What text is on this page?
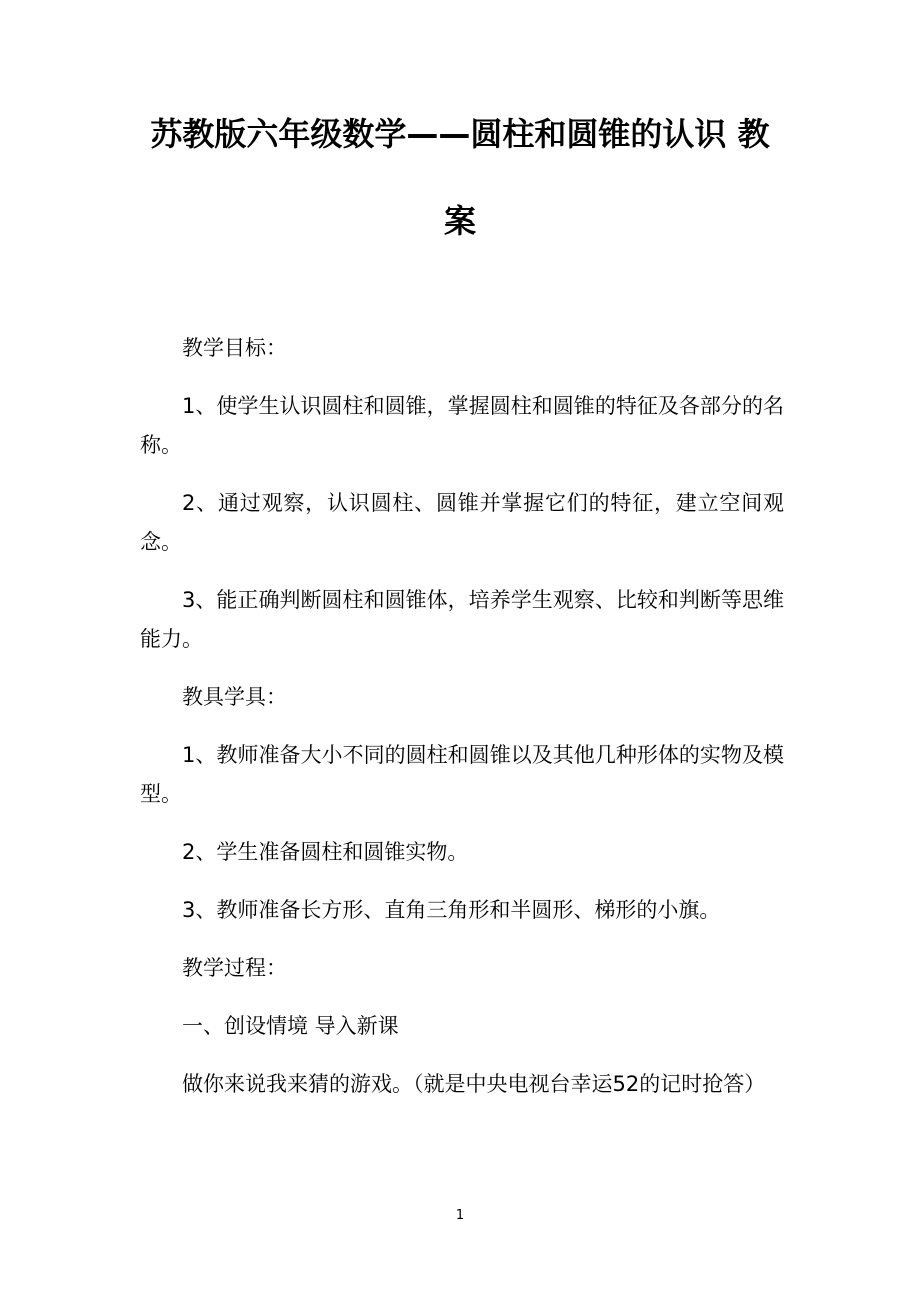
苏教版六年级数学——圆柱和圆锥的认识 教
案

教学目标：

1、使学生认识圆柱和圆锥，掌握圆柱和圆锥的特征及各部分的名称。

2、通过观察，认识圆柱、圆锥并掌握它们的特征，建立空间观念。

3、能正确判断圆柱和圆锥体，培养学生观察、比较和判断等思维能力。

教具学具：

1、教师准备大小不同的圆柱和圆锥以及其他几种形体的实物及模型。

2、学生准备圆柱和圆锥实物。

3、教师准备长方形、直角三角形和半圆形、梯形的小旗。

教学过程：

一、创设情境 导入新课

做你来说我来猜的游戏。（就是中央电视台幸运52的记时抢答）

1
